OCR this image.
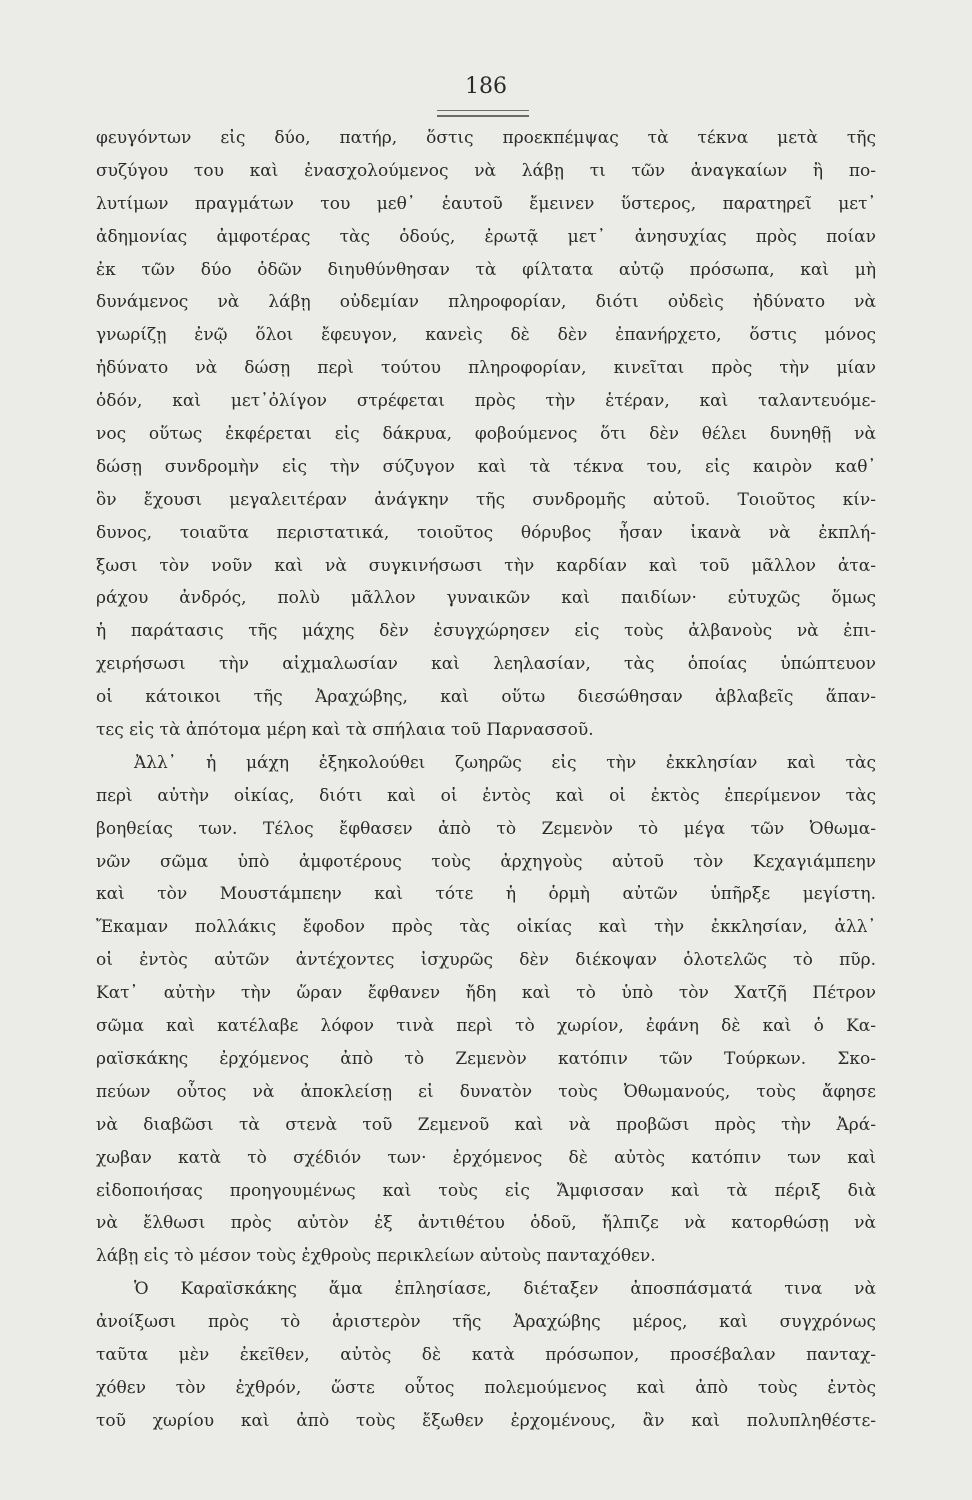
186
φευγόντων εἰς δύο, πατήρ, ὅστις προεκπέμψας τὰ τέκνα μετὰ τῆς
συζύγου του καὶ ἐνασχολούμενος νὰ λάβῃ τι τῶν ἀναγκαίων ἢ πο-
λυτίμων πραγμάτων του μεθ᾿ ἑαυτοῦ ἔμεινεν ὕστερος, παρατηρεῖ μετ᾿
ἀδημονίας ἀμφοτέρας τὰς ὁδούς, ἐρωτᾷ μετ᾿ ἀνησυχίας πρὸς ποίαν
ἐκ τῶν δύο ὁδῶν διηυθύνθησαν τὰ φίλτατα αὐτῷ πρόσωπα, καὶ μὴ
δυνάμενος νὰ λάβῃ οὐδεμίαν πληροφορίαν, διότι οὐδεὶς ἠδύνατο νὰ
γνωρίζῃ ἐνῷ ὅλοι ἔφευγον, κανεὶς δὲ δὲν ἐπανήρχετο, ὅστις μόνος
ἠδύνατο νὰ δώσῃ περὶ τούτου πληροφορίαν, κινεῖται πρὸς τὴν μίαν
ὁδόν, καὶ μετ᾿ὀλίγον στρέφεται πρὸς τὴν ἑτέραν, καὶ ταλαντευόμε-
νος οὕτως ἐκφέρεται εἰς δάκρυα, φοβούμενος ὅτι δὲν θέλει δυνηθῇ νὰ
δώσῃ συνδρομὴν εἰς τὴν σύζυγον καὶ τὰ τέκνα του, εἰς καιρὸν καθ᾿
ὃν ἔχουσι μεγαλειτέραν ἀνάγκην τῆς συνδρομῆς αὐτοῦ. Τοιοῦτος κίν-
δυνος, τοιαῦτα περιστατικά, τοιοῦτος θόρυβος ἦσαν ἱκανὰ νὰ ἐκπλή-
ξωσι τὸν νοῦν καὶ νὰ συγκινήσωσι τὴν καρδίαν καὶ τοῦ μᾶλλον ἀτα-
ράχου ἀνδρός, πολὺ μᾶλλον γυναικῶν καὶ παιδίων· εὐτυχῶς ὅμως
ἡ παράτασις τῆς μάχης δὲν ἐσυγχώρησεν εἰς τοὺς ἀλβανοὺς νὰ ἐπι-
χειρήσωσι τὴν αἰχμαλωσίαν καὶ λεηλασίαν, τὰς ὁποίας ὑπώπτευον
οἱ κάτοικοι τῆς Ἀραχώβης, καὶ οὕτω διεσώθησαν ἀβλαβεῖς ἅπαν-
τες εἰς τὰ ἀπότομα μέρη καὶ τὰ σπήλαια τοῦ Παρνασσοῦ.
Ἀλλ᾿ ἡ μάχη ἐξηκολούθει ζωηρῶς εἰς τὴν ἐκκλησίαν καὶ τὰς
περὶ αὐτὴν οἰκίας, διότι καὶ οἱ ἐντὸς καὶ οἱ ἐκτὸς ἐπερίμενον τὰς
βοηθείας των. Τέλος ἔφθασεν ἀπὸ τὸ Ζεμενὸν τὸ μέγα τῶν Ὀθωμα-
νῶν σῶμα ὑπὸ ἀμφοτέρους τοὺς ἀρχηγοὺς αὐτοῦ τὸν Κεχαγιάμπεην
καὶ τὸν Μουστάμπεην καὶ τότε ἡ ὁρμὴ αὐτῶν ὑπῆρξε μεγίστη.
Ἔκαμαν πολλάκις ἔφοδον πρὸς τὰς οἰκίας καὶ τὴν ἐκκλησίαν, ἀλλ᾿
οἱ ἐντὸς αὐτῶν ἀντέχοντες ἰσχυρῶς δὲν διέκοψαν ὁλοτελῶς τὸ πῦρ.
Κατ᾿ αὐτὴν τὴν ὥραν ἔφθανεν ἤδη καὶ τὸ ὑπὸ τὸν Χατζῆ Πέτρον
σῶμα καὶ κατέλαβε λόφον τινὰ περὶ τὸ χωρίον, ἐφάνη δὲ καὶ ὁ Κα-
ραϊσκάκης ἐρχόμενος ἀπὸ τὸ Ζεμενὸν κατόπιν τῶν Τούρκων. Σκο-
πεύων οὗτος νὰ ἀποκλείσῃ εἰ δυνατὸν τοὺς Ὀθωμανούς, τοὺς ἄφησε
νὰ διαβῶσι τὰ στενὰ τοῦ Ζεμενοῦ καὶ νὰ προβῶσι πρὸς τὴν Ἀρά-
χωβαν κατὰ τὸ σχέδιόν των· ἐρχόμενος δὲ αὐτὸς κατόπιν των καὶ
εἰδοποιήσας προηγουμένως καὶ τοὺς εἰς Ἄμφισσαν καὶ τὰ πέριξ διὰ
νὰ ἔλθωσι πρὸς αὐτὸν ἐξ ἀντιθέτου ὁδοῦ, ἤλπιζε νὰ κατορθώσῃ νὰ
λάβῃ εἰς τὸ μέσον τοὺς ἐχθροὺς περικλείων αὐτοὺς πανταχόθεν.
Ὁ Καραϊσκάκης ἅμα ἐπλησίασε, διέταξεν ἀποσπάσματά τινα νὰ
ἀνοίξωσι πρὸς τὸ ἀριστερὸν τῆς Ἀραχώβης μέρος, καὶ συγχρόνως
ταῦτα μὲν ἐκεῖθεν, αὐτὸς δὲ κατὰ πρόσωπον, προσέβαλαν πανταχ-
χόθεν τὸν ἐχθρόν, ὥστε οὗτος πολεμούμενος καὶ ἀπὸ τοὺς ἐντὸς
τοῦ χωρίου καὶ ἀπὸ τοὺς ἔξωθεν ἐρχομένους, ἂν καὶ πολυπληθέστε-
